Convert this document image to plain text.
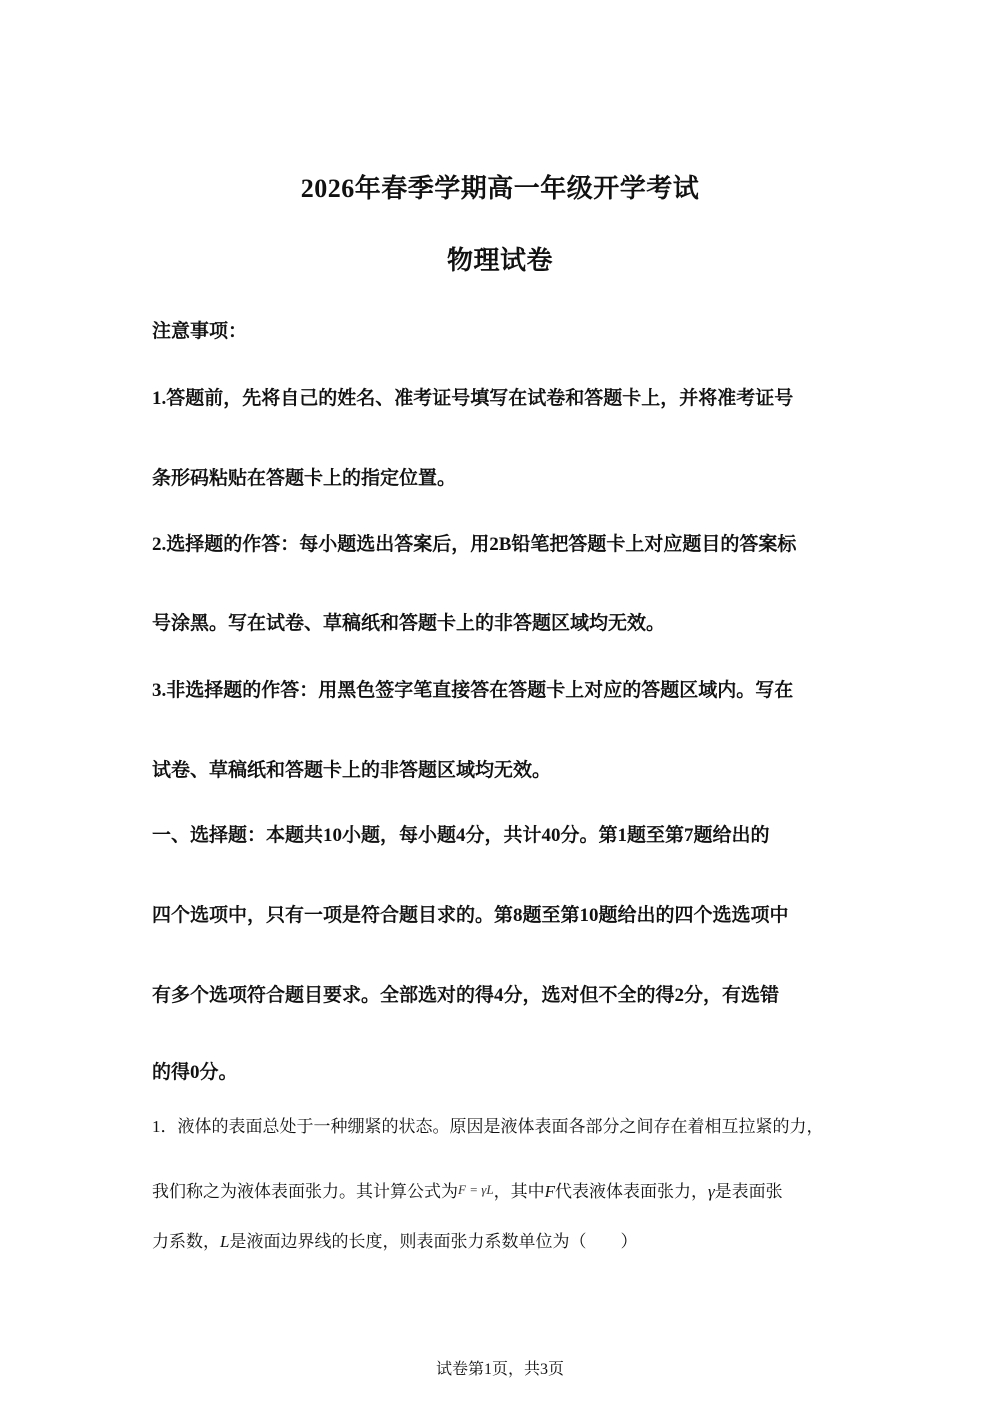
2026年春季学期高一年级开学考试
物理试卷
注意事项：
1.答题前，先将自己的姓名、准考证号填写在试卷和答题卡上，并将准考证号
条形码粘贴在答题卡上的指定位置。
2.选择题的作答：每小题选出答案后，用2B铅笔把答题卡上对应题目的答案标
号涂黑。写在试卷、草稿纸和答题卡上的非答题区域均无效。
3.非选择题的作答：用黑色签字笔直接答在答题卡上对应的答题区域内。写在
试卷、草稿纸和答题卡上的非答题区域均无效。
一、选择题：本题共10小题，每小题4分，共计40分。第1题至第7题给出的
四个选项中，只有一项是符合题目求的。第8题至第10题给出的四个选选项中
有多个选项符合题目要求。全部选对的得4分，选对但不全的得2分，有选错
的得0分。
1．液体的表面总处于一种绷紧的状态。原因是液体表面各部分之间存在着相互拉紧的力，
我们称之为液体表面张力。其计算公式为F = γL，其中F代表液体表面张力，γ是表面张
力系数，L是液面边界线的长度，则表面张力系数单位为（　　）
试卷第1页，共3页
